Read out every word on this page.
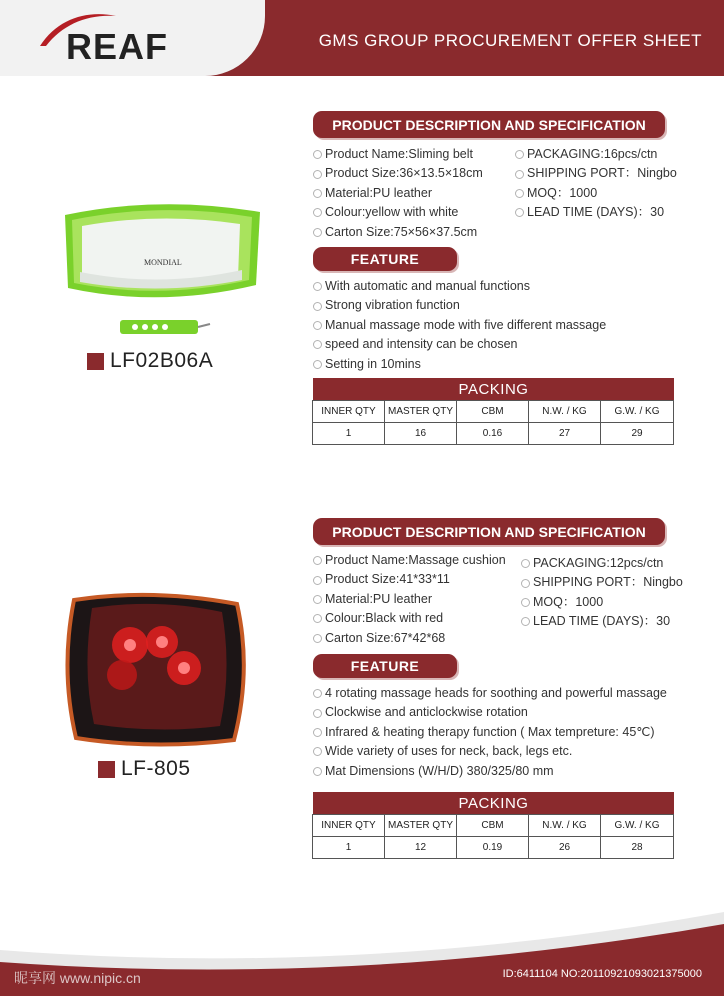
REAF	GMS GROUP PROCUREMENT OFFER SHEET
MONDIAL
LF02B06A
PRODUCT DESCRIPTION AND SPECIFICATION
Product Name:Sliming belt
Product Size:36×13.5×18cm
Material:PU leather
Colour:yellow with white
Carton Size:75×56×37.5cm
PACKAGING:16pcs/ctn
SHIPPING PORT：Ningbo
MOQ：1000
LEAD TIME (DAYS)：30
FEATURE
With automatic and manual functions
Strong vibration function
Manual massage mode with five different massage
speed and intensity can be chosen
Setting in 10mins
PACKING
INNER QTY	MASTER QTY	CBM	N.W. / KG	G.W. / KG
1	16	0.16	27	29
LF-805
PRODUCT DESCRIPTION AND SPECIFICATION
Product Name:Massage cushion
Product Size:41*33*11
Material:PU leather
Colour:Black with red
Carton Size:67*42*68
PACKAGING:12pcs/ctn
SHIPPING PORT：Ningbo
MOQ：1000
LEAD TIME (DAYS)：30
FEATURE
4 rotating massage heads for soothing and powerful massage
Clockwise and anticlockwise rotation
Infrared & heating therapy function ( Max tempreture: 45℃)
Wide variety of uses for neck, back, legs etc.
Mat Dimensions (W/H/D) 380/325/80 mm
PACKING
INNER QTY	MASTER QTY	CBM	N.W. / KG	G.W. / KG
1	12	0.19	26	28
昵享网 www.nipic.cn	ID:6411104 NO:20110921093021375000
